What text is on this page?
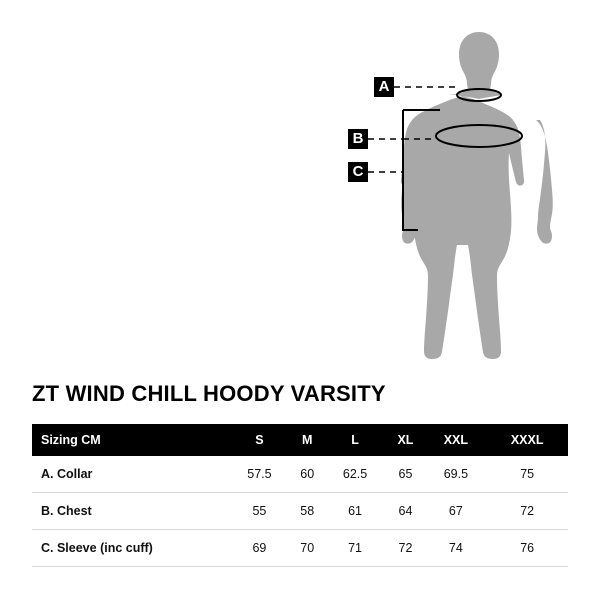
A
B
C
ZT WIND CHILL HOODY VARSITY
Sizing CM	S	M	L	XL	XXL	XXXL
A. Collar	57.5	60	62.5	65	69.5	75
B. Chest	55	58	61	64	67	72
C. Sleeve (inc cuff)	69	70	71	72	74	76
